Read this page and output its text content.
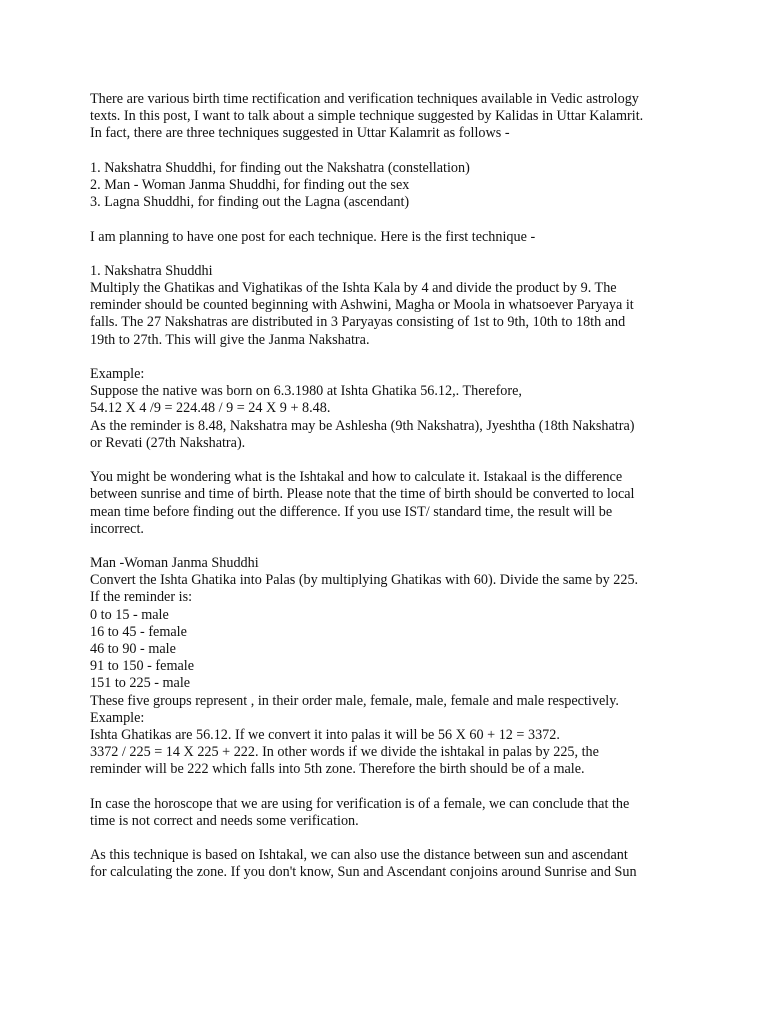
There are various birth time rectification and verification techniques available in Vedic astrology
texts. In this post, I want to talk about a simple technique suggested by Kalidas in Uttar Kalamrit.
In fact, there are three techniques suggested in Uttar Kalamrit as follows -
1. Nakshatra Shuddhi, for finding out the Nakshatra (constellation)
2. Man - Woman Janma Shuddhi, for finding out the sex
3. Lagna Shuddhi, for finding out the Lagna (ascendant)
I am planning to have one post for each technique. Here is the first technique -
1. Nakshatra Shuddhi
Multiply the Ghatikas and Vighatikas of the Ishta Kala by 4 and divide the product by 9. The
reminder should be counted beginning with Ashwini, Magha or Moola in whatsoever Paryaya it
falls. The 27 Nakshatras are distributed in 3 Paryayas consisting of 1st to 9th, 10th to 18th and
19th to 27th. This will give the Janma Nakshatra.
Example:
Suppose the native was born on 6.3.1980 at Ishta Ghatika 56.12,. Therefore,
54.12 X 4 /9 = 224.48 / 9 = 24 X 9 + 8.48.
As the reminder is 8.48, Nakshatra may be Ashlesha (9th Nakshatra), Jyeshtha (18th Nakshatra)
or Revati (27th Nakshatra).
You might be wondering what is the Ishtakal and how to calculate it. Istakaal is the difference
between sunrise and time of birth. Please note that the time of birth should be converted to local
mean time before finding out the difference. If you use IST/ standard time, the result will be
incorrect.
Man -Woman Janma Shuddhi
Convert the Ishta Ghatika into Palas (by multiplying Ghatikas with 60). Divide the same by 225.
If the reminder is:
0 to 15 - male
16 to 45 - female
46 to 90 - male
91 to 150 - female
151 to 225 - male
These five groups represent , in their order male, female, male, female and male respectively.
Example:
Ishta Ghatikas are 56.12. If we convert it into palas it will be 56 X 60 + 12 = 3372.
3372 / 225 = 14 X 225 + 222. In other words if we divide the ishtakal in palas by 225, the
reminder will be 222 which falls into 5th zone. Therefore the birth should be of a male.
In case the horoscope that we are using for verification is of a female, we can conclude that the
time is not correct and needs some verification.
As this technique is based on Ishtakal, we can also use the distance between sun and ascendant
for calculating the zone. If you don't know, Sun and Ascendant conjoins around Sunrise and Sun
